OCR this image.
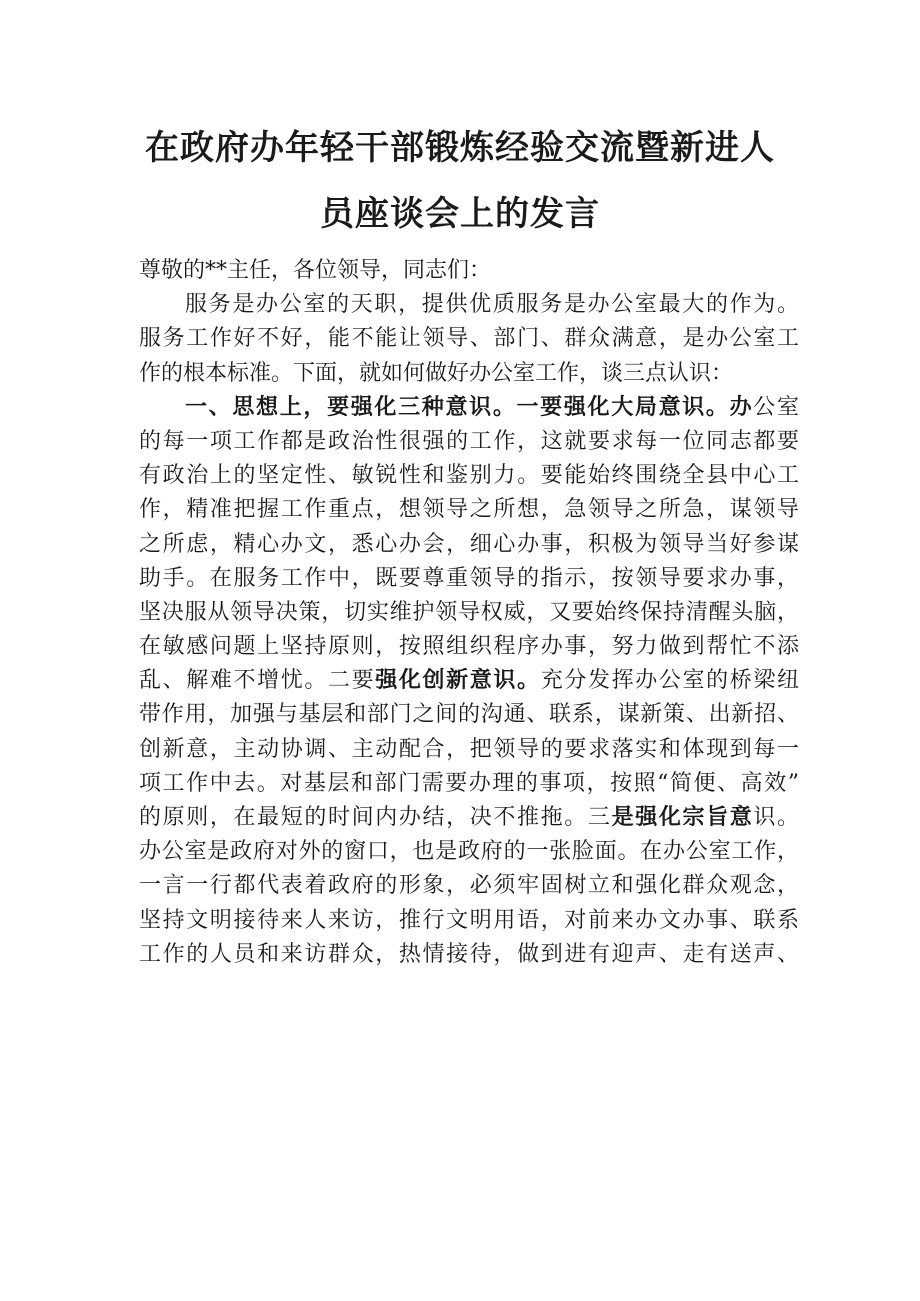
在政府办年轻干部锻炼经验交流暨新进人
员座谈会上的发言
尊敬的**主任，各位领导，同志们：
服务是办公室的天职，提供优质服务是办公室最大的作为。
服务工作好不好，能不能让领导、部门、群众满意，是办公室工
作的根本标准。下面，就如何做好办公室工作，谈三点认识：
一、思想上，要强化三种意识。一要强化大局意识。办公室
的每一项工作都是政治性很强的工作，这就要求每一位同志都要
有政治上的坚定性、敏锐性和鉴别力。要能始终围绕全县中心工
作，精准把握工作重点，想领导之所想，急领导之所急，谋领导
之所虑，精心办文，悉心办会，细心办事，积极为领导当好参谋
助手。在服务工作中，既要尊重领导的指示，按领导要求办事，
坚决服从领导决策，切实维护领导权威，又要始终保持清醒头脑，
在敏感问题上坚持原则，按照组织程序办事，努力做到帮忙不添
乱、解难不增忧。二要强化创新意识。充分发挥办公室的桥梁纽
带作用，加强与基层和部门之间的沟通、联系，谋新策、出新招、
创新意，主动协调、主动配合，把领导的要求落实和体现到每一
项工作中去。对基层和部门需要办理的事项，按照“简便、高效”
的原则，在最短的时间内办结，决不推拖。三是强化宗旨意识。
办公室是政府对外的窗口，也是政府的一张脸面。在办公室工作，
一言一行都代表着政府的形象，必须牢固树立和强化群众观念，
坚持文明接待来人来访，推行文明用语，对前来办文办事、联系
工作的人员和来访群众，热情接待，做到进有迎声、走有送声、
